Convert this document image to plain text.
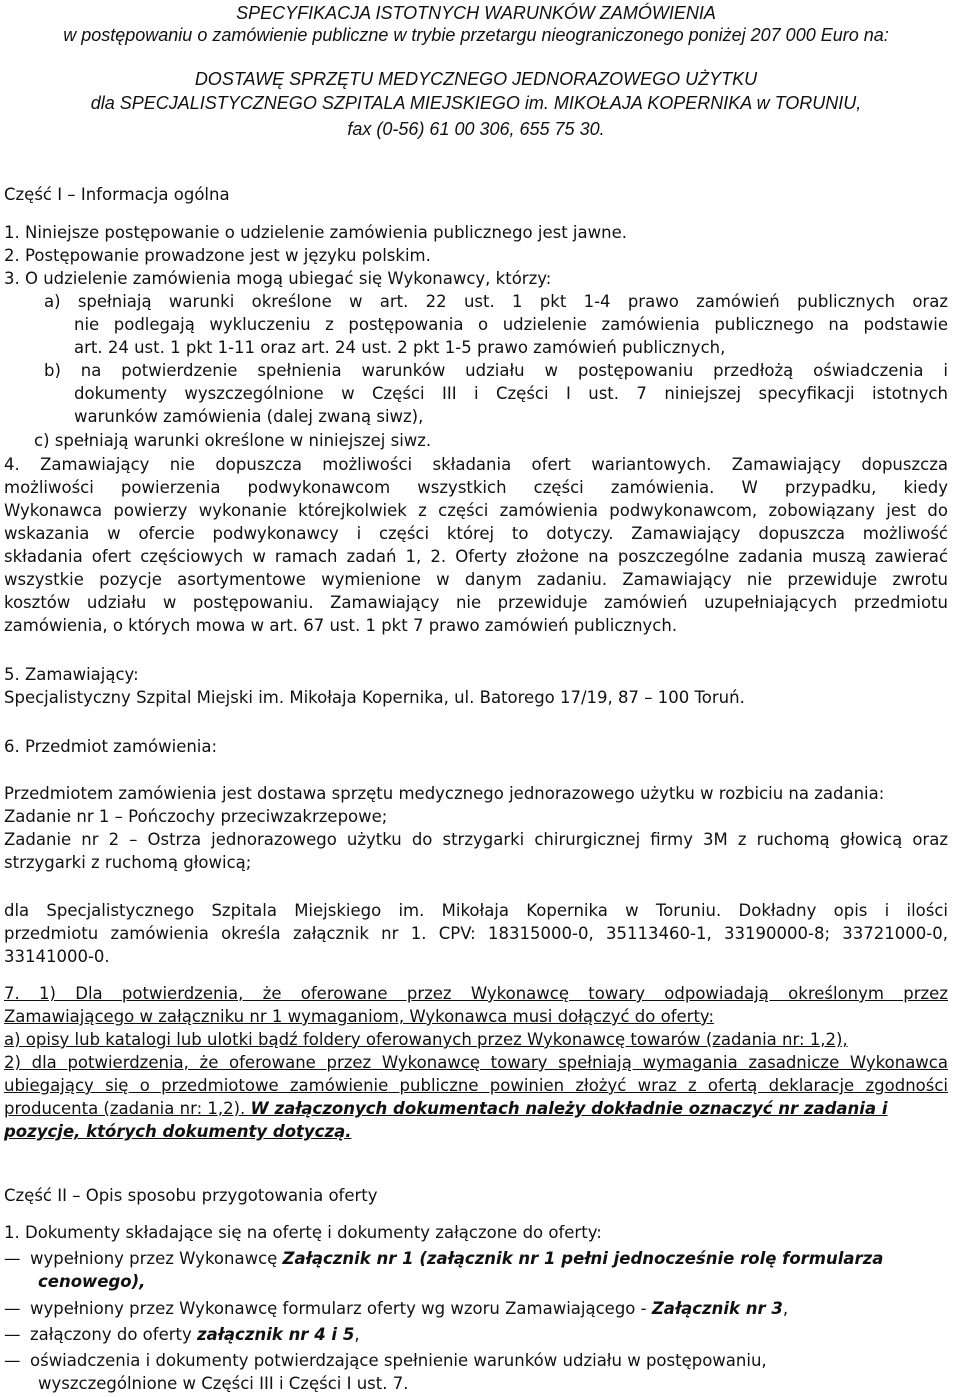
SPECYFIKACJA ISTOTNYCH WARUNKÓW ZAMÓWIENIA
w postępowaniu o zamówienie publiczne w trybie przetargu nieograniczonego poniżej 207 000 Euro na:
DOSTAWĘ SPRZĘTU MEDYCZNEGO JEDNORAZOWEGO UŻYTKU
dla SPECJALISTYCZNEGO SZPITALA MIEJSKIEGO im. MIKOŁAJA KOPERNIKA w TORUNIU,
fax (0-56) 61 00 306, 655 75 30.
Część I – Informacja ogólna
1. Niniejsze postępowanie o udzielenie zamówienia publicznego jest jawne.
2. Postępowanie prowadzone jest w języku polskim.
3. O udzielenie zamówienia mogą ubiegać się Wykonawcy, którzy:
a) spełniają warunki określone w art. 22 ust. 1 pkt 1-4 prawo zamówień publicznych oraz
nie podlegają wykluczeniu z postępowania o udzielenie zamówienia publicznego na podstawie
art. 24 ust. 1 pkt 1-11 oraz art. 24 ust. 2 pkt 1-5 prawo zamówień publicznych,
b) na potwierdzenie spełnienia warunków udziału w postępowaniu przedłożą oświadczenia i
dokumenty wyszczególnione w Części III i Części I ust. 7 niniejszej specyfikacji istotnych
warunków zamówienia (dalej zwaną siwz),
c) spełniają warunki określone w niniejszej siwz.
4. Zamawiający nie dopuszcza możliwości składania ofert wariantowych. Zamawiający dopuszcza
możliwości powierzenia podwykonawcom wszystkich części zamówienia. W przypadku, kiedy
Wykonawca powierzy wykonanie którejkolwiek z części zamówienia podwykonawcom, zobowiązany jest do
wskazania w ofercie podwykonawcy i części której to dotyczy. Zamawiający dopuszcza możliwość
składania ofert częściowych w ramach zadań 1, 2. Oferty złożone na poszczególne zadania muszą zawierać
wszystkie pozycje asortymentowe wymienione w danym zadaniu. Zamawiający nie przewiduje zwrotu
kosztów udziału w postępowaniu. Zamawiający nie przewiduje zamówień uzupełniających przedmiotu
zamówienia, o których mowa w art. 67 ust. 1 pkt 7 prawo zamówień publicznych.
5. Zamawiający:
Specjalistyczny Szpital Miejski im. Mikołaja Kopernika, ul. Batorego 17/19, 87 – 100 Toruń.
6. Przedmiot zamówienia:
Przedmiotem zamówienia jest dostawa sprzętu medycznego jednorazowego użytku w rozbiciu na zadania:
Zadanie nr 1 – Pończochy przeciwzakrzepowe;
Zadanie nr 2 – Ostrza jednorazowego użytku do strzygarki chirurgicznej firmy 3M z ruchomą głowicą oraz
strzygarki z ruchomą głowicą;
dla Specjalistycznego Szpitala Miejskiego im. Mikołaja Kopernika w Toruniu. Dokładny opis i ilości
przedmiotu zamówienia określa załącznik nr 1. CPV: 18315000-0, 35113460-1, 33190000-8; 33721000-0,
33141000-0.
7. 1) Dla potwierdzenia, że oferowane przez Wykonawcę towary odpowiadają określonym przez
Zamawiającego w załączniku nr 1 wymaganiom, Wykonawca musi dołączyć do oferty:
a) opisy lub katalogi lub ulotki bądź foldery oferowanych przez Wykonawcę towarów (zadania nr: 1,2),
2) dla potwierdzenia, że oferowane przez Wykonawcę towary spełniają wymagania zasadnicze Wykonawca
ubiegający się o przedmiotowe zamówienie publiczne powinien złożyć wraz z ofertą deklaracje zgodności
producenta (zadania nr: 1,2). W załączonych dokumentach należy dokładnie oznaczyć nr zadania i
pozycje, których dokumenty dotyczą.
Część II – Opis sposobu przygotowania oferty
1. Dokumenty składające się na ofertę i dokumenty załączone do oferty:
— wypełniony przez Wykonawcę Załącznik nr 1 (załącznik nr 1 pełni jednocześnie rolę formularza
cenowego),
— wypełniony przez Wykonawcę formularz oferty wg wzoru Zamawiającego - Załącznik nr 3,
— załączony do oferty załącznik nr 4 i 5,
— oświadczenia i dokumenty potwierdzające spełnienie warunków udziału w postępowaniu,
wyszczególnione w Części III i Części I ust. 7.
